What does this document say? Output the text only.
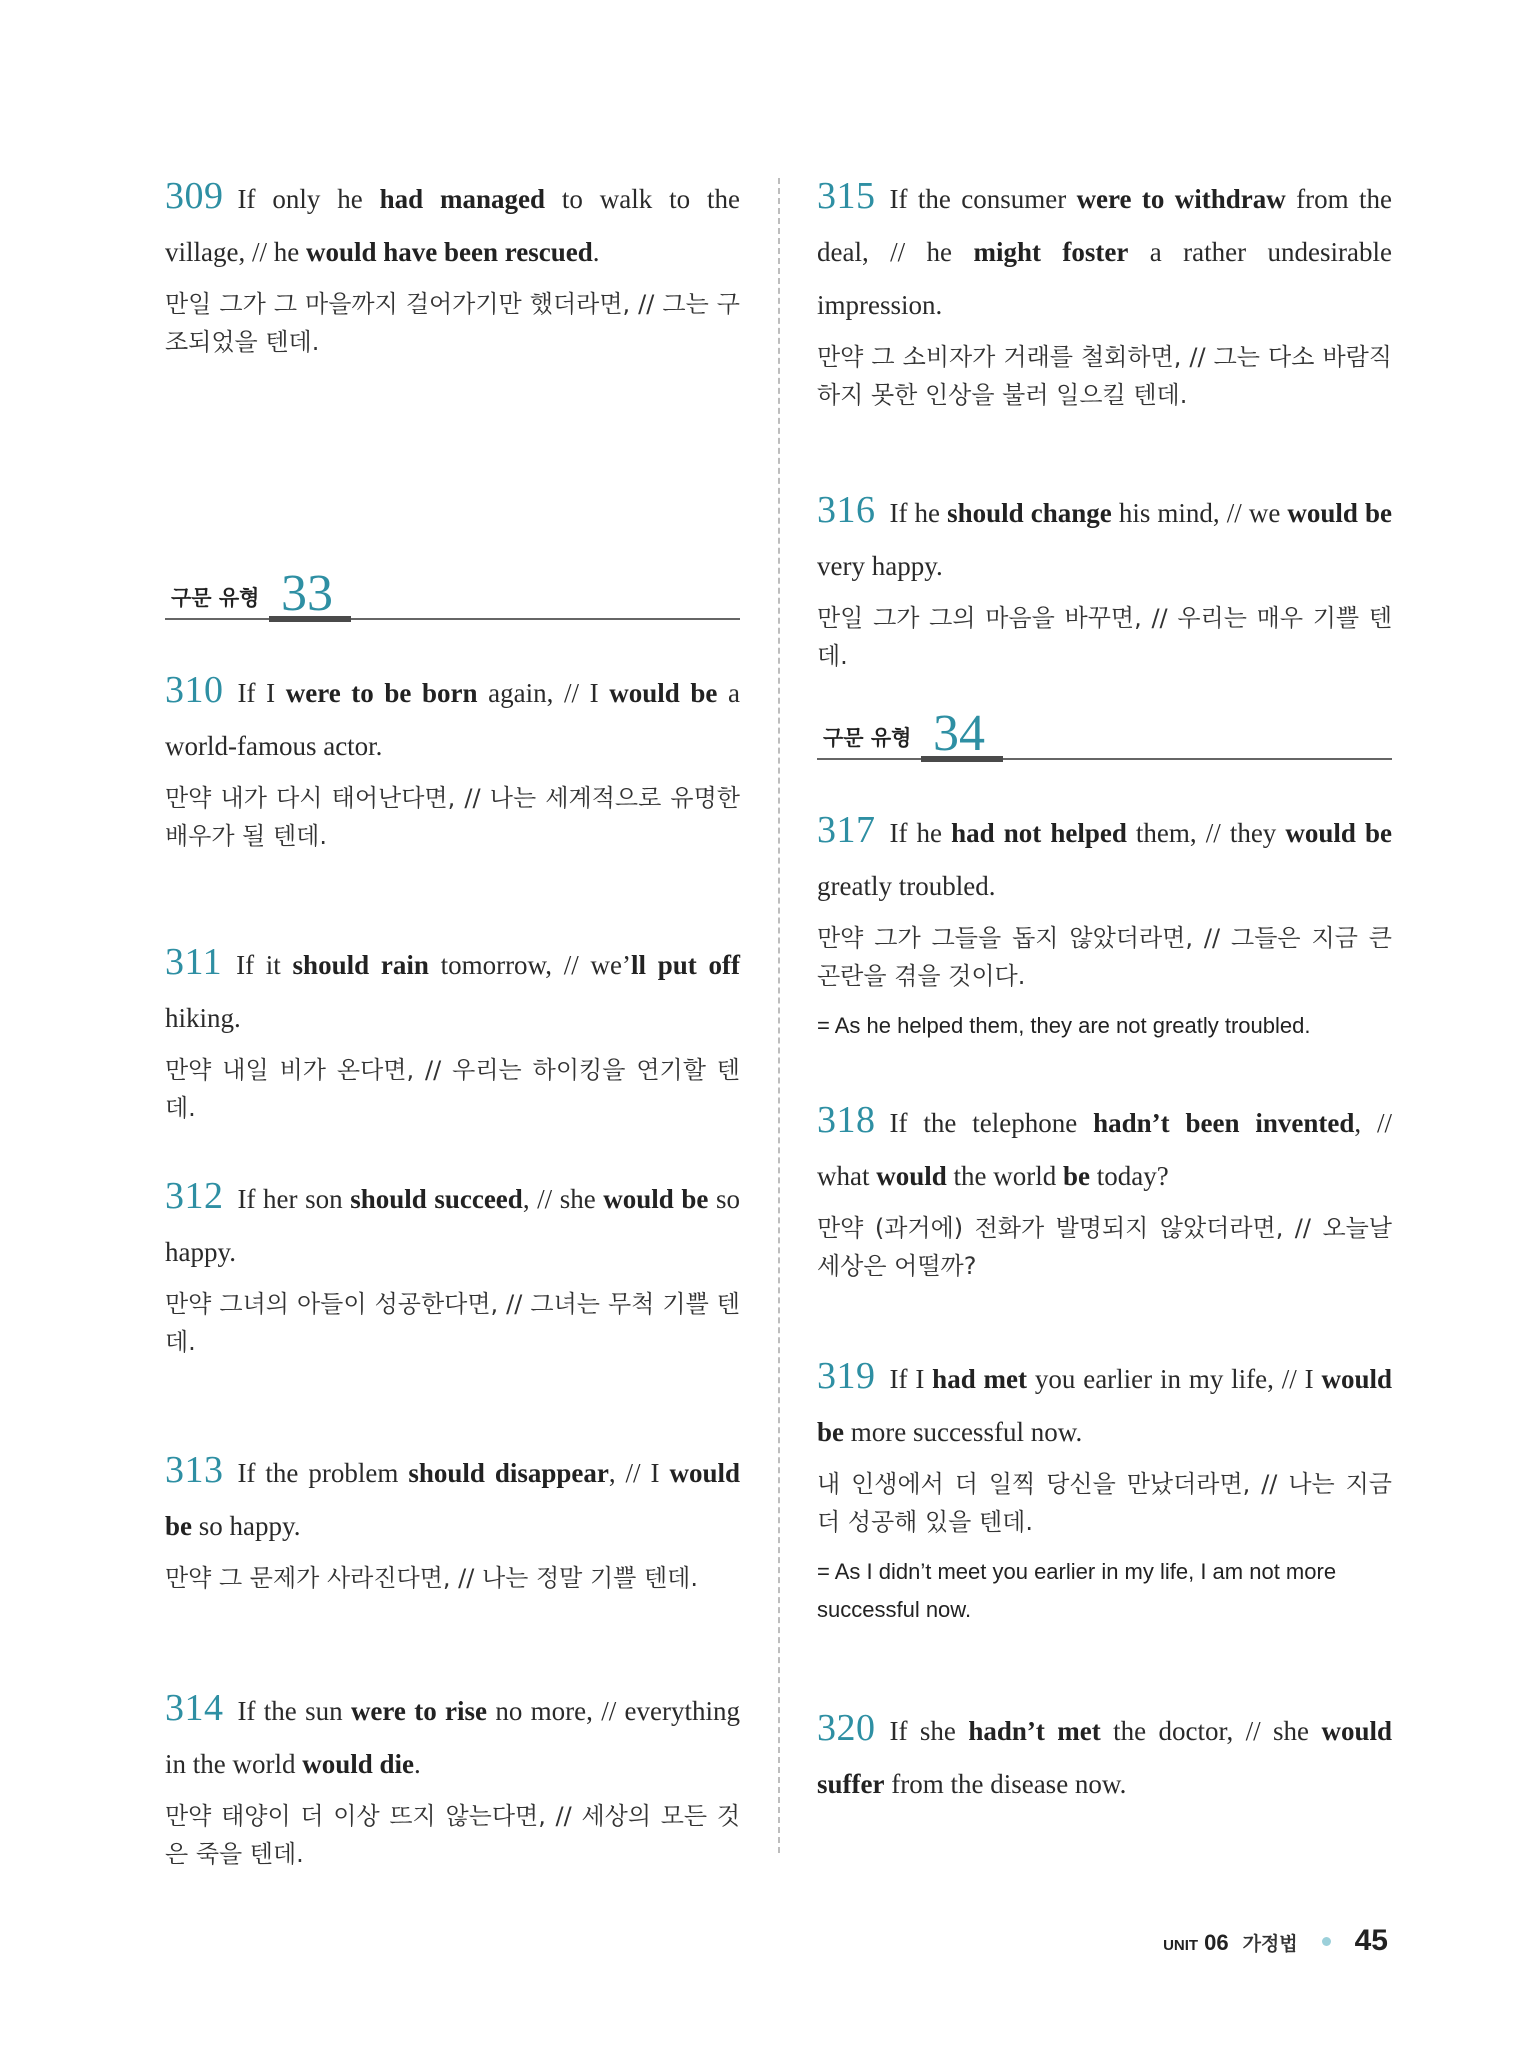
309 If only he had managed to walk to the village, // he would have been rescued.

만일 그가 그 마을까지 걸어가기만 했더라면, // 그는 구조되었을 텐데.

구문 유형 33

310 If I were to be born again, // I would be a world-famous actor.

만약 내가 다시 태어난다면, // 나는 세계적으로 유명한 배우가 될 텐데.

311 If it should rain tomorrow, // we’ll put off hiking.

만약 내일 비가 온다면, // 우리는 하이킹을 연기할 텐데.

312 If her son should succeed, // she would be so happy.

만약 그녀의 아들이 성공한다면, // 그녀는 무척 기쁠 텐데.

313 If the problem should disappear, // I would be so happy.

만약 그 문제가 사라진다면, // 나는 정말 기쁠 텐데.

314 If the sun were to rise no more, // everything in the world would die.

만약 태양이 더 이상 뜨지 않는다면, // 세상의 모든 것은 죽을 텐데.

315 If the consumer were to withdraw from the deal, // he might foster a rather undesirable impression.

만약 그 소비자가 거래를 철회하면, // 그는 다소 바람직하지 못한 인상을 불러 일으킬 텐데.

316 If he should change his mind, // we would be very happy.

만일 그가 그의 마음을 바꾸면, // 우리는 매우 기쁠 텐데.

구문 유형 34

317 If he had not helped them, // they would be greatly troubled.

만약 그가 그들을 돕지 않았더라면, // 그들은 지금 큰 곤란을 겪을 것이다.

= As he helped them, they are not greatly troubled.

318 If the telephone hadn’t been invented, // what would the world be today?

만약 (과거에) 전화가 발명되지 않았더라면, // 오늘날 세상은 어떨까?

319 If I had met you earlier in my life, // I would be more successful now.

내 인생에서 더 일찍 당신을 만났더라면, // 나는 지금 더 성공해 있을 텐데.

= As I didn’t meet you earlier in my life, I am not more successful now.

320 If she hadn’t met the doctor, // she would suffer from the disease now.

UNIT 06 가정법 45
